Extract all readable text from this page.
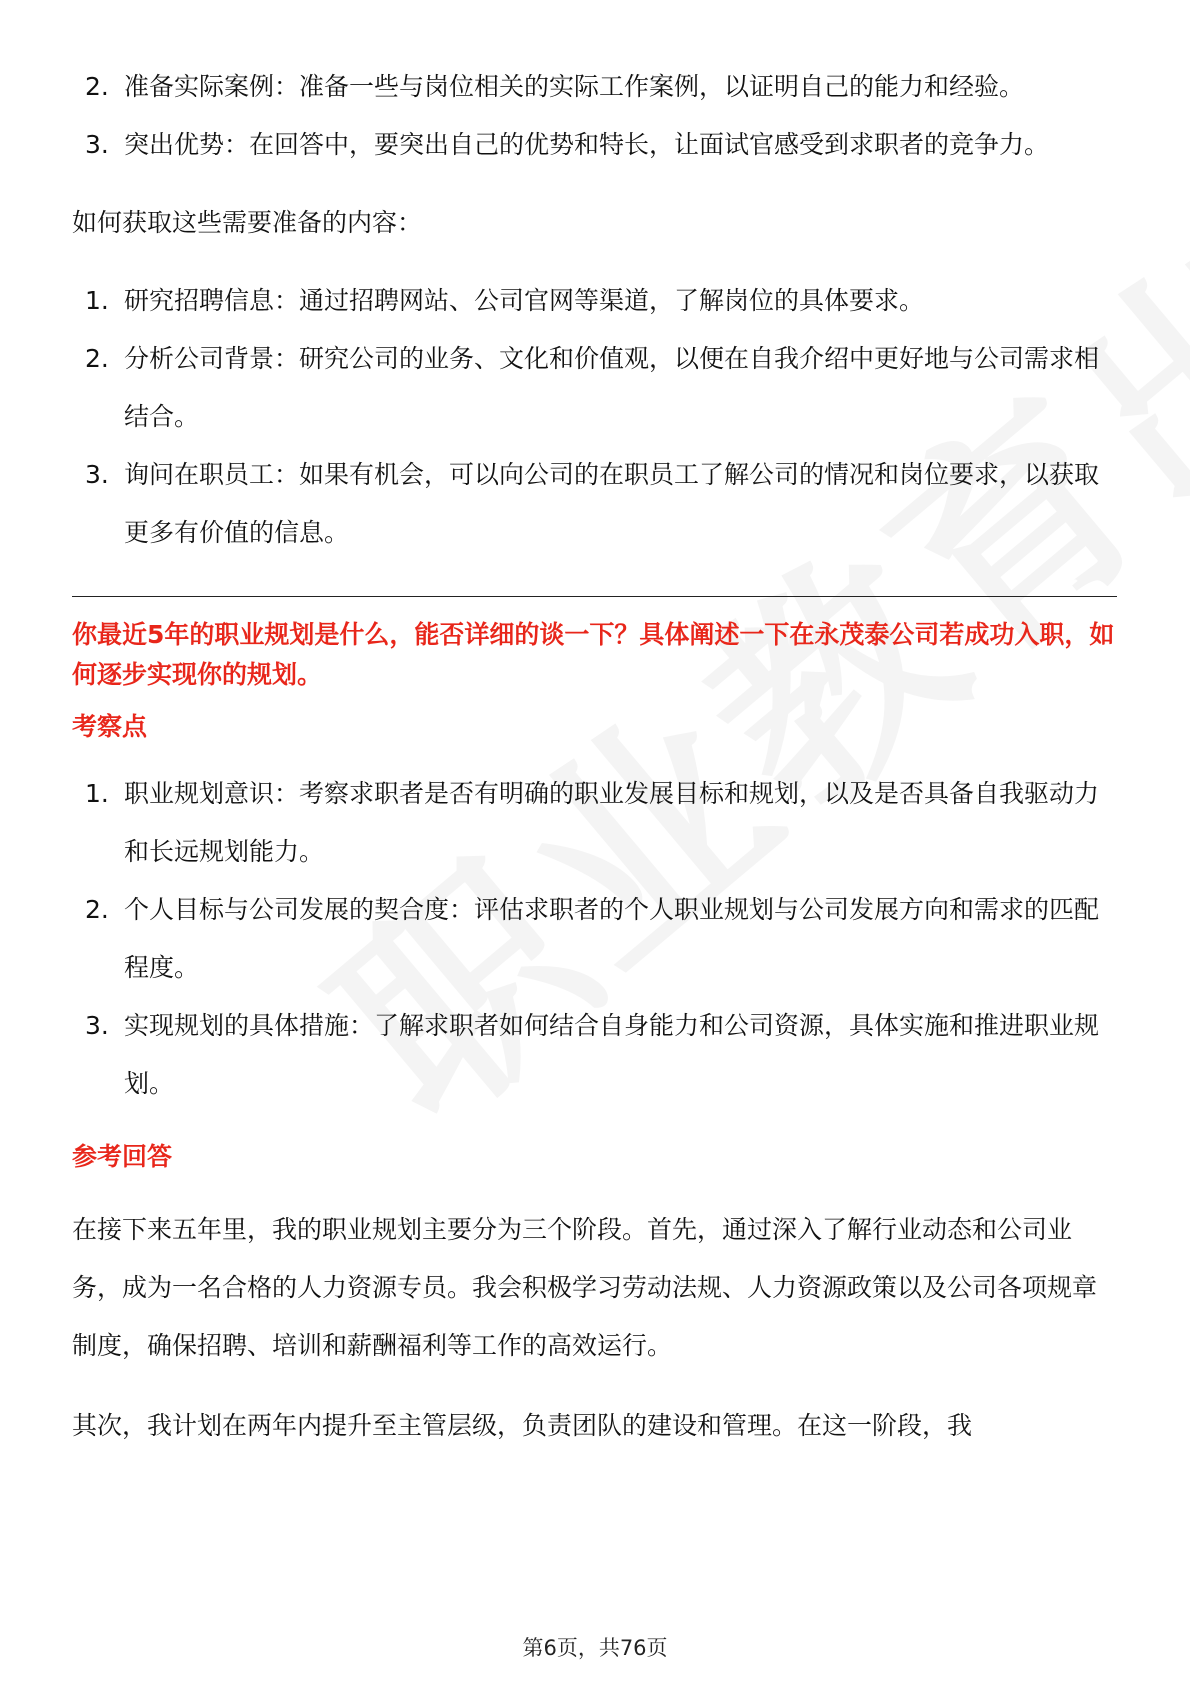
2. 准备实际案例：准备一些与岗位相关的实际工作案例，以证明自己的能力和经验。
3. 突出优势：在回答中，要突出自己的优势和特长，让面试官感受到求职者的竞争力。
如何获取这些需要准备的内容：
1. 研究招聘信息：通过招聘网站、公司官网等渠道，了解岗位的具体要求。
2. 分析公司背景：研究公司的业务、文化和价值观，以便在自我介绍中更好地与公司需求相结合。
3. 询问在职员工：如果有机会，可以向公司的在职员工了解公司的情况和岗位要求，以获取更多有价值的信息。
你最近5年的职业规划是什么，能否详细的谈一下？具体阐述一下在永茂泰公司若成功入职，如何逐步实现你的规划。
考察点
1. 职业规划意识：考察求职者是否有明确的职业发展目标和规划，以及是否具备自我驱动力和长远规划能力。
2. 个人目标与公司发展的契合度：评估求职者的个人职业规划与公司发展方向和需求的匹配程度。
3. 实现规划的具体措施：了解求职者如何结合自身能力和公司资源，具体实施和推进职业规划。
参考回答
在接下来五年里，我的职业规划主要分为三个阶段。首先，通过深入了解行业动态和公司业务，成为一名合格的人力资源专员。我会积极学习劳动法规、人力资源政策以及公司各项规章制度，确保招聘、培训和薪酬福利等工作的高效运行。
其次，我计划在两年内提升至主管层级，负责团队的建设和管理。在这一阶段，我
第6页，共76页
